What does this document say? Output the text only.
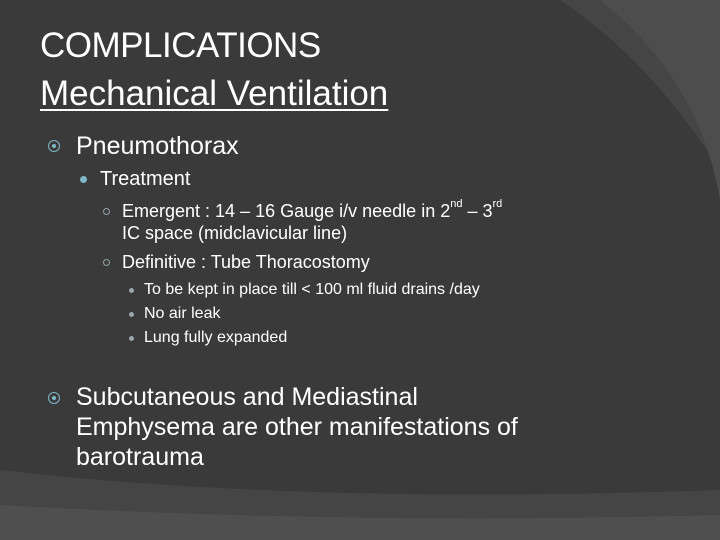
COMPLICATIONS
Mechanical Ventilation
Pneumothorax
Treatment
Emergent : 14 – 16 Gauge i/v needle in 2nd – 3rd
IC space (midclavicular line)
Definitive : Tube Thoracostomy
To be kept in place till < 100 ml fluid drains /day
No air leak
Lung fully expanded
Subcutaneous and Mediastinal
Emphysema are other manifestations of
barotrauma
